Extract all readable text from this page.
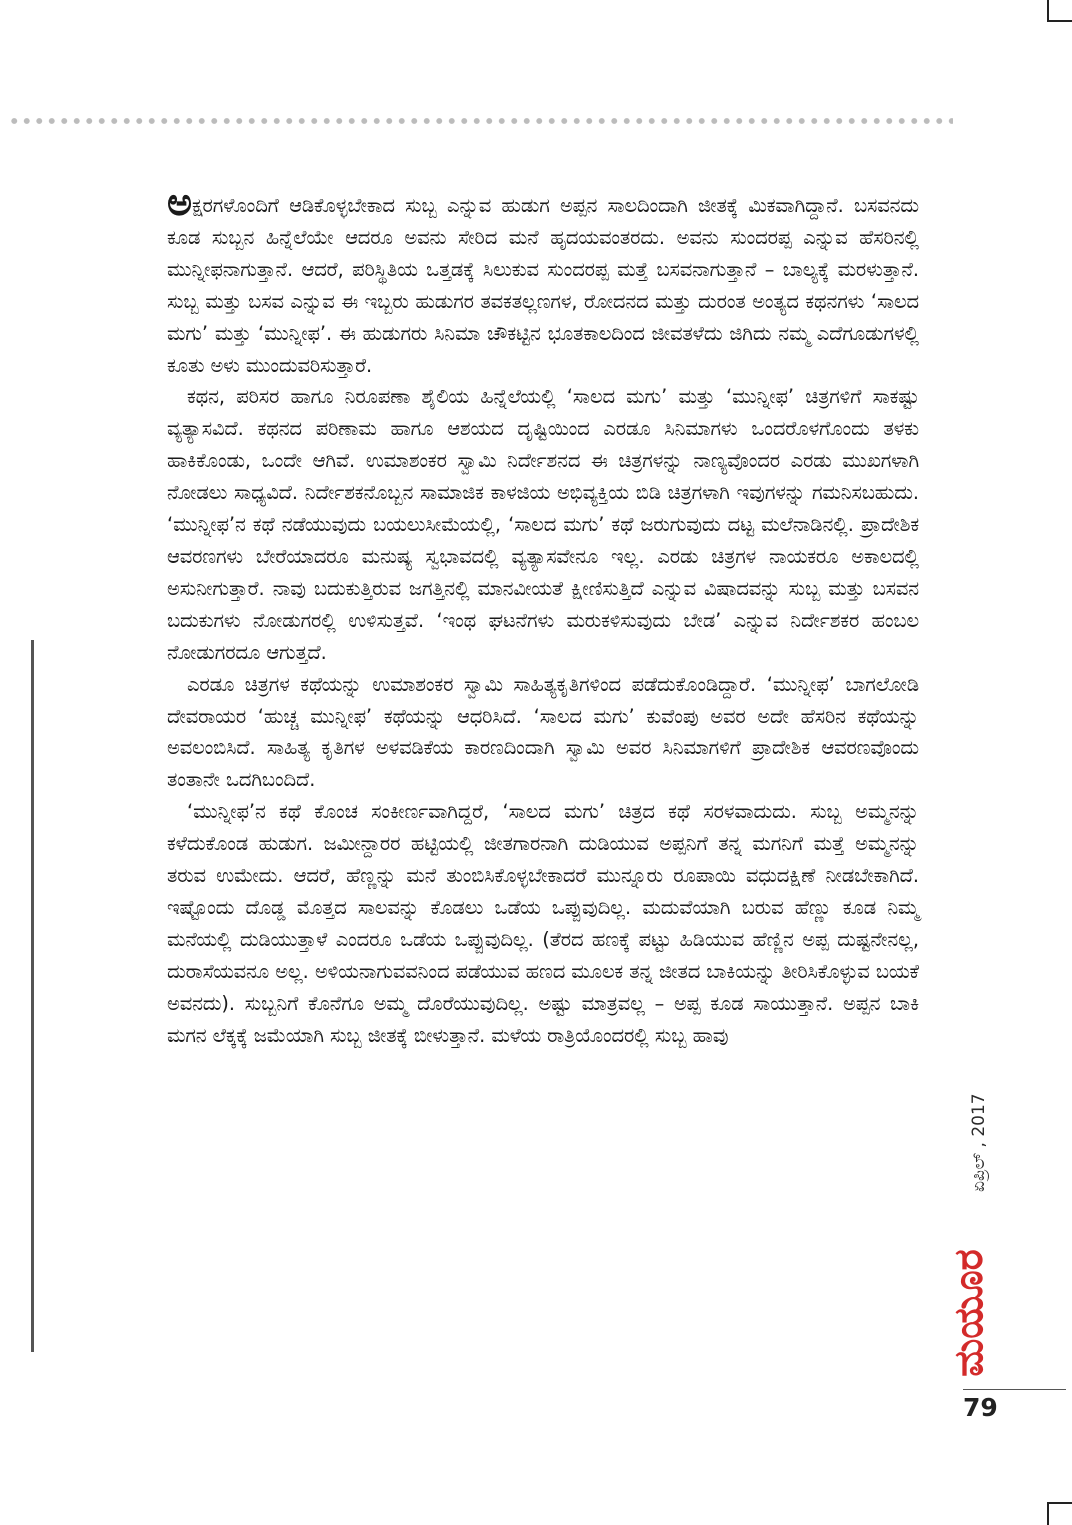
ಅಕ್ಷರಗಳೊಂದಿಗೆ ಆಡಿಕೊಳ್ಳಬೇಕಾದ ಸುಬ್ಬ ಎನ್ನುವ ಹುಡುಗ ಅಪ್ಪನ ಸಾಲದಿಂದಾಗಿ ಜೀತಕ್ಕೆ ಮಿಕವಾಗಿದ್ದಾನೆ. ಬಸವನದು ಕೂಡ ಸುಬ್ಬನ ಹಿನ್ನೆಲೆಯೇ ಆದರೂ ಅವನು ಸೇರಿದ ಮನೆ ಹೃದಯವಂತರದು. ಅವನು ಸುಂದರಪ್ಪ ಎನ್ನುವ ಹೆಸರಿನಲ್ಲಿ ಮುನ್ನೀಫನಾಗುತ್ತಾನೆ. ಆದರೆ, ಪರಿಸ್ಥಿತಿಯ ಒತ್ತಡಕ್ಕೆ ಸಿಲುಕುವ ಸುಂದರಪ್ಪ ಮತ್ತೆ ಬಸವನಾಗುತ್ತಾನೆ – ಬಾಲ್ಯಕ್ಕೆ ಮರಳುತ್ತಾನೆ. ಸುಬ್ಬ ಮತ್ತು ಬಸವ ಎನ್ನುವ ಈ ಇಬ್ಬರು ಹುಡುಗರ ತವಕತಲ್ಲಣಗಳ, ರೋದನದ ಮತ್ತು ದುರಂತ ಅಂತ್ಯದ ಕಥನಗಳು ‘ಸಾಲದ ಮಗು’ ಮತ್ತು ‘ಮುನ್ನೀಫ’. ಈ ಹುಡುಗರು ಸಿನಿಮಾ ಚೌಕಟ್ಟಿನ ಭೂತಕಾಲದಿಂದ ಜೀವತಳೆದು ಜಿಗಿದು ನಮ್ಮ ಎದೆಗೂಡುಗಳಲ್ಲಿ ಕೂತು ಅಳು ಮುಂದುವರಿಸುತ್ತಾರೆ.

ಕಥನ, ಪರಿಸರ ಹಾಗೂ ನಿರೂಪಣಾ ಶೈಲಿಯ ಹಿನ್ನೆಲೆಯಲ್ಲಿ ‘ಸಾಲದ ಮಗು’ ಮತ್ತು ‘ಮುನ್ನೀಫ’ ಚಿತ್ರಗಳಿಗೆ ಸಾಕಷ್ಟು ವ್ಯತ್ಯಾಸವಿದೆ. ಕಥನದ ಪರಿಣಾಮ ಹಾಗೂ ಆಶಯದ ದೃಷ್ಟಿಯಿಂದ ಎರಡೂ ಸಿನಿಮಾಗಳು ಒಂದರೊಳಗೊಂದು ತಳಕು ಹಾಕಿಕೊಂಡು, ಒಂದೇ ಆಗಿವೆ. ಉಮಾಶಂಕರ ಸ್ವಾಮಿ ನಿರ್ದೇಶನದ ಈ ಚಿತ್ರಗಳನ್ನು ನಾಣ್ಯವೊಂದರ ಎರಡು ಮುಖಗಳಾಗಿ ನೋಡಲು ಸಾಧ್ಯವಿದೆ. ನಿರ್ದೇಶಕನೊಬ್ಬನ ಸಾಮಾಜಿಕ ಕಾಳಜಿಯ ಅಭಿವ್ಯಕ್ತಿಯ ಬಿಡಿ ಚಿತ್ರಗಳಾಗಿ ಇವುಗಳನ್ನು ಗಮನಿಸಬಹುದು. ‘ಮುನ್ನೀಫ’ನ ಕಥೆ ನಡೆಯುವುದು ಬಯಲುಸೀಮೆಯಲ್ಲಿ, ‘ಸಾಲದ ಮಗು’ ಕಥೆ ಜರುಗುವುದು ದಟ್ಟ ಮಲೆನಾಡಿನಲ್ಲಿ. ಪ್ರಾದೇಶಿಕ ಆವರಣಗಳು ಬೇರೆಯಾದರೂ ಮನುಷ್ಯ ಸ್ವಭಾವದಲ್ಲಿ ವ್ಯತ್ಯಾಸವೇನೂ ಇಲ್ಲ. ಎರಡು ಚಿತ್ರಗಳ ನಾಯಕರೂ ಅಕಾಲದಲ್ಲಿ ಅಸುನೀಗುತ್ತಾರೆ. ನಾವು ಬದುಕುತ್ತಿರುವ ಜಗತ್ತಿನಲ್ಲಿ ಮಾನವೀಯತೆ ಕ್ಷೀಣಿಸುತ್ತಿದೆ ಎನ್ನುವ ವಿಷಾದವನ್ನು ಸುಬ್ಬ ಮತ್ತು ಬಸವನ ಬದುಕುಗಳು ನೋಡುಗರಲ್ಲಿ ಉಳಿಸುತ್ತವೆ. ‘ಇಂಥ ಘಟನೆಗಳು ಮರುಕಳಿಸುವುದು ಬೇಡ’ ಎನ್ನುವ ನಿರ್ದೇಶಕರ ಹಂಬಲ ನೋಡುಗರದೂ ಆಗುತ್ತದೆ.

ಎರಡೂ ಚಿತ್ರಗಳ ಕಥೆಯನ್ನು ಉಮಾಶಂಕರ ಸ್ವಾಮಿ ಸಾಹಿತ್ಯಕೃತಿಗಳಿಂದ ಪಡೆದುಕೊಂಡಿದ್ದಾರೆ. ‘ಮುನ್ನೀಫ’ ಬಾಗಲೋಡಿ ದೇವರಾಯರ ‘ಹುಚ್ಚ ಮುನ್ನೀಫ’ ಕಥೆಯನ್ನು ಆಧರಿಸಿದೆ. ‘ಸಾಲದ ಮಗು’ ಕುವೆಂಪು ಅವರ ಅದೇ ಹೆಸರಿನ ಕಥೆಯನ್ನು ಅವಲಂಬಿಸಿದೆ. ಸಾಹಿತ್ಯ ಕೃತಿಗಳ ಅಳವಡಿಕೆಯ ಕಾರಣದಿಂದಾಗಿ ಸ್ವಾಮಿ ಅವರ ಸಿನಿಮಾಗಳಿಗೆ ಪ್ರಾದೇಶಿಕ ಆವರಣವೊಂದು ತಂತಾನೇ ಒದಗಿಬಂದಿದೆ.

‘ಮುನ್ನೀಫ’ನ ಕಥೆ ಕೊಂಚ ಸಂಕೀರ್ಣವಾಗಿದ್ದರೆ, ‘ಸಾಲದ ಮಗು’ ಚಿತ್ರದ ಕಥೆ ಸರಳವಾದುದು. ಸುಬ್ಬ ಅಮ್ಮನನ್ನು ಕಳೆದುಕೊಂಡ ಹುಡುಗ. ಜಮೀನ್ದಾರರ ಹಟ್ಟಿಯಲ್ಲಿ ಜೀತಗಾರನಾಗಿ ದುಡಿಯುವ ಅಪ್ಪನಿಗೆ ತನ್ನ ಮಗನಿಗೆ ಮತ್ತೆ ಅಮ್ಮನನ್ನು ತರುವ ಉಮೇದು. ಆದರೆ, ಹೆಣ್ಣನ್ನು ಮನೆ ತುಂಬಿಸಿಕೊಳ್ಳಬೇಕಾದರೆ ಮುನ್ನೂರು ರೂಪಾಯಿ ವಧುದಕ್ಷಿಣೆ ನೀಡಬೇಕಾಗಿದೆ. ಇಷ್ಟೊಂದು ದೊಡ್ಡ ಮೊತ್ತದ ಸಾಲವನ್ನು ಕೊಡಲು ಒಡೆಯ ಒಪ್ಪುವುದಿಲ್ಲ. ಮದುವೆಯಾಗಿ ಬರುವ ಹೆಣ್ಣು ಕೂಡ ನಿಮ್ಮ ಮನೆಯಲ್ಲಿ ದುಡಿಯುತ್ತಾಳೆ ಎಂದರೂ ಒಡೆಯ ಒಪ್ಪುವುದಿಲ್ಲ. (ತೆರದ ಹಣಕ್ಕೆ ಪಟ್ಟು ಹಿಡಿಯುವ ಹೆಣ್ಣಿನ ಅಪ್ಪ ದುಷ್ಟನೇನಲ್ಲ, ದುರಾಸೆಯವನೂ ಅಲ್ಲ. ಅಳಿಯನಾಗುವವನಿಂದ ಪಡೆಯುವ ಹಣದ ಮೂಲಕ ತನ್ನ ಜೀತದ ಬಾಕಿಯನ್ನು ತೀರಿಸಿಕೊಳ್ಳುವ ಬಯಕೆ ಅವನದು). ಸುಬ್ಬನಿಗೆ ಕೊನೆಗೂ ಅಮ್ಮ ದೊರೆಯುವುದಿಲ್ಲ. ಅಷ್ಟು ಮಾತ್ರವಲ್ಲ – ಅಪ್ಪ ಕೂಡ ಸಾಯುತ್ತಾನೆ. ಅಪ್ಪನ ಬಾಕಿ ಮಗನ ಲೆಕ್ಕಕ್ಕೆ ಜಮೆಯಾಗಿ ಸುಬ್ಬ ಜೀತಕ್ಕೆ ಬೀಳುತ್ತಾನೆ. ಮಳೆಯ ರಾತ್ರಿಯೊಂದರಲ್ಲಿ ಸುಬ್ಬ ಹಾವು

ಏಪ್ರಿಲ್ , 2017
ಮಯೂರ
79
